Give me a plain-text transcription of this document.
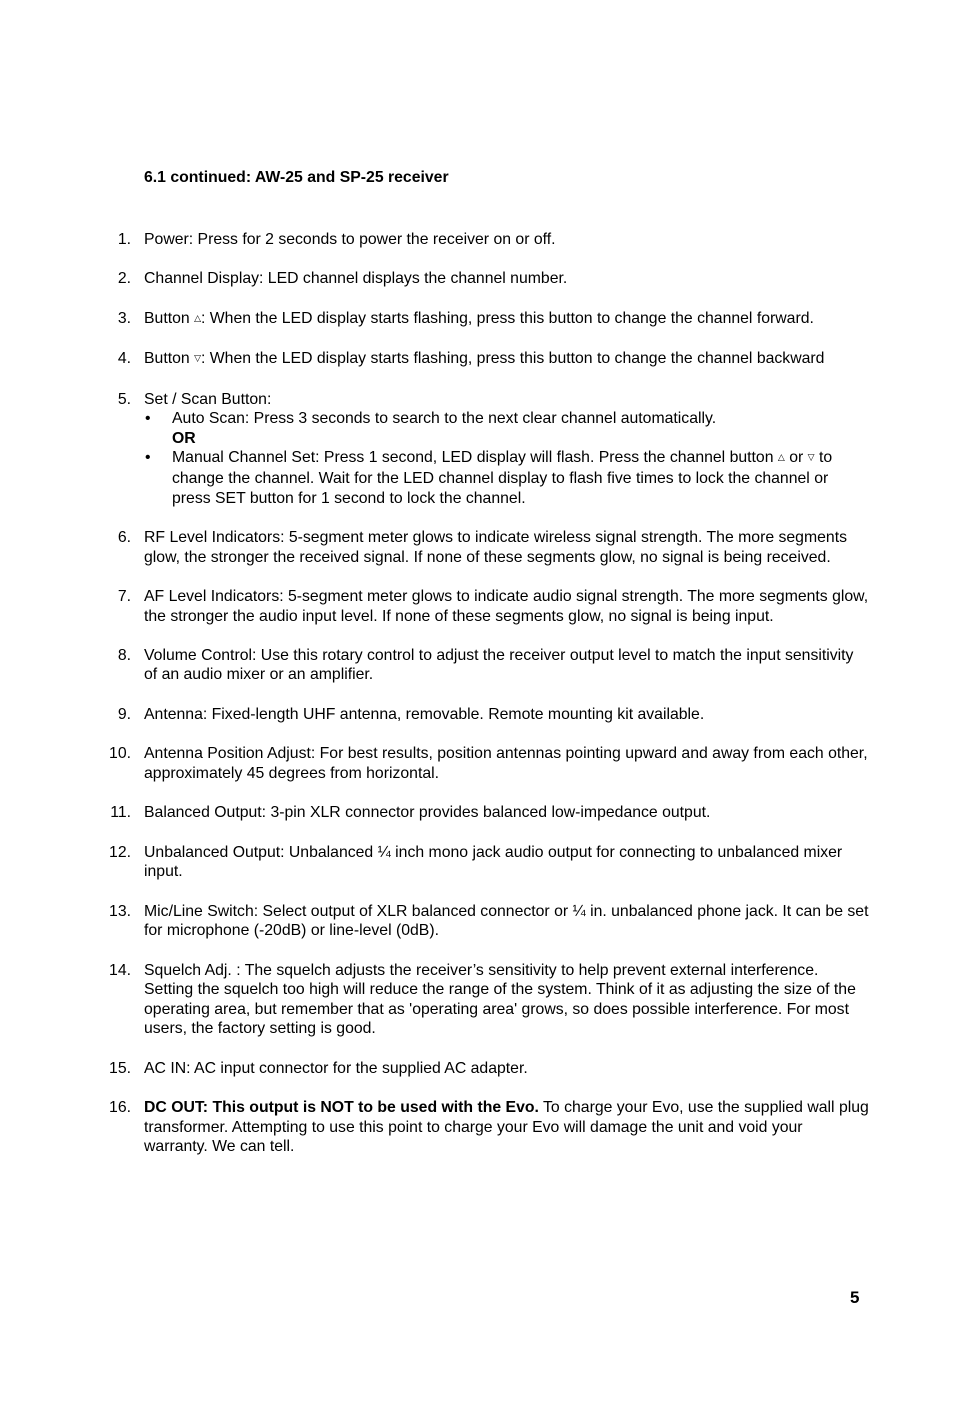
6.1 continued: AW-25 and SP-25 receiver
1. Power: Press for 2 seconds to power the receiver on or off.
2. Channel Display: LED channel displays the channel number.
3. Button △: When the LED display starts flashing, press this button to change the channel forward.
4. Button ▽: When the LED display starts flashing, press this button to change the channel backward
5. Set / Scan Button:
• Auto Scan: Press 3 seconds to search to the next clear channel automatically.
OR
• Manual Channel Set: Press 1 second, LED display will flash. Press the channel button △ or ▽ to change the channel. Wait for the LED channel display to flash five times to lock the channel or press SET button for 1 second to lock the channel.
6. RF Level Indicators: 5-segment meter glows to indicate wireless signal strength. The more segments glow, the stronger the received signal. If none of these segments glow, no signal is being received.
7. AF Level Indicators: 5-segment meter glows to indicate audio signal strength. The more segments glow, the stronger the audio input level. If none of these segments glow, no signal is being input.
8. Volume Control: Use this rotary control to adjust the receiver output level to match the input sensitivity of an audio mixer or an amplifier.
9. Antenna: Fixed-length UHF antenna, removable. Remote mounting kit available.
10. Antenna Position Adjust: For best results, position antennas pointing upward and away from each other, approximately 45 degrees from horizontal.
11. Balanced Output: 3-pin XLR connector provides balanced low-impedance output.
12. Unbalanced Output: Unbalanced ¼ inch mono jack audio output for connecting to unbalanced mixer input.
13. Mic/Line Switch: Select output of XLR balanced connector or ¼ in. unbalanced phone jack. It can be set for microphone (-20dB) or line-level (0dB).
14. Squelch Adj. : The squelch adjusts the receiver’s sensitivity to help prevent external interference. Setting the squelch too high will reduce the range of the system. Think of it as adjusting the size of the operating area, but remember that as 'operating area' grows, so does possible interference. For most users, the factory setting is good.
15. AC IN: AC input connector for the supplied AC adapter.
16. DC OUT: This output is NOT to be used with the Evo. To charge your Evo, use the supplied wall plug transformer. Attempting to use this point to charge your Evo will damage the unit and void your warranty. We can tell.
5
